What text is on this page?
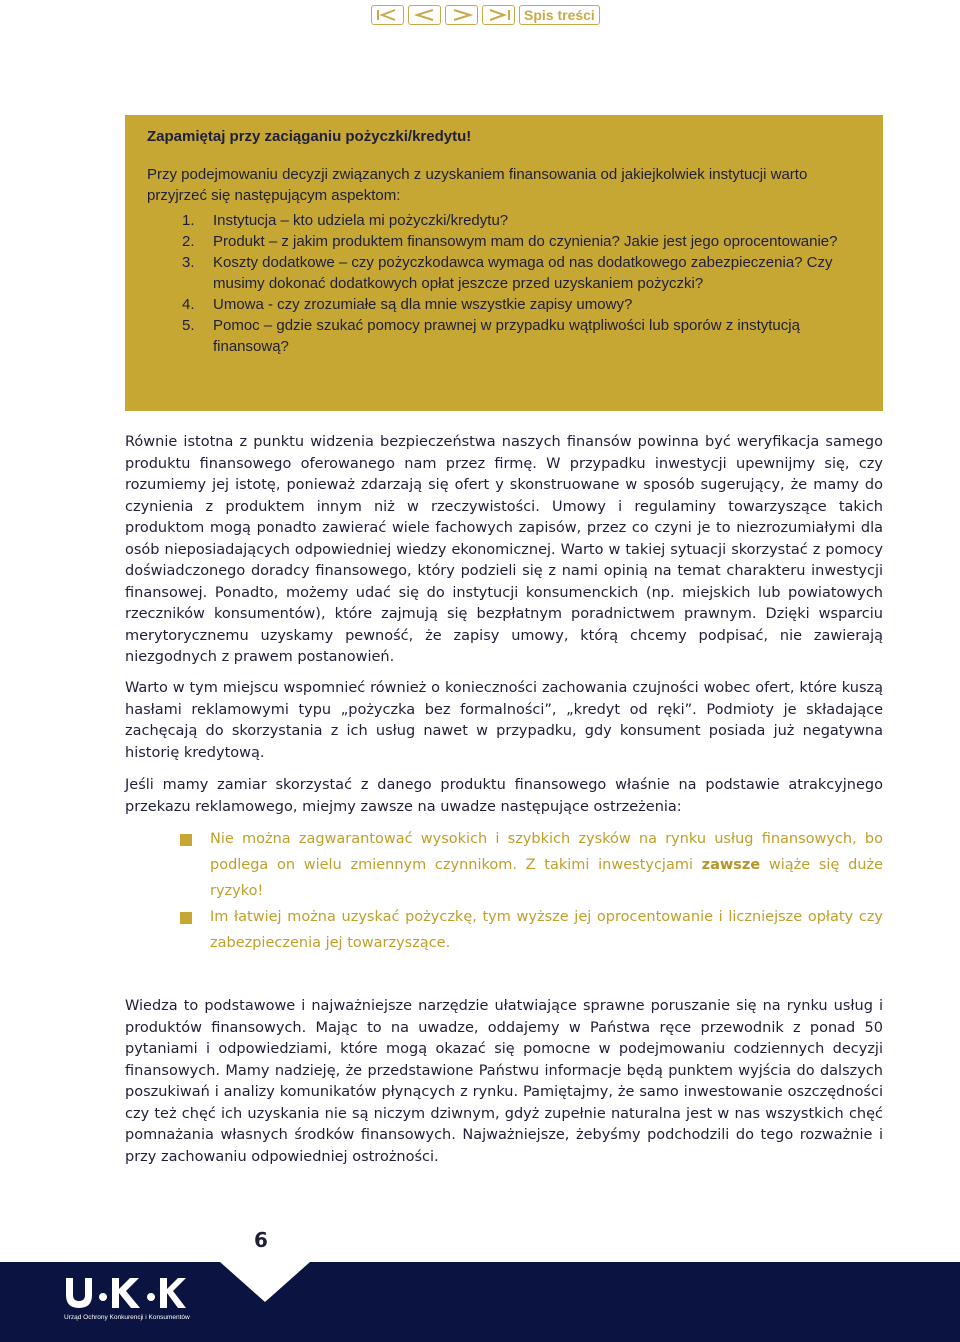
Spis treści
Zapamiętaj przy zaciąganiu pożyczki/kredytu!

Przy podejmowaniu decyzji związanych z uzyskaniem finansowania od jakiejkolwiek instytucji warto przyjrzeć się następującym aspektom:

1. Instytucja – kto udziela mi pożyczki/kredytu?
2. Produkt – z jakim produktem finansowym mam do czynienia? Jakie jest jego oprocentowanie?
3. Koszty dodatkowe – czy pożyczkodawca wymaga od nas dodatkowego zabezpieczenia? Czy musimy dokonać dodatkowych opłat jeszcze przed uzyskaniem pożyczki?
4. Umowa - czy zrozumiałe są dla mnie wszystkie zapisy umowy?
5. Pomoc – gdzie szukać pomocy prawnej w przypadku wątpliwości lub sporów z instytucją finansową?

Równie istotna z punktu widzenia bezpieczeństwa naszych finansów powinna być weryfikacja samego produktu finansowego oferowanego nam przez firmę. W przypadku inwestycji upewnijmy się, czy rozumiemy jej istotę, ponieważ zdarzają się ofert y skonstruowane w sposób sugerujący, że mamy do czynienia z produktem innym niż w rzeczywistości. Umowy i regulaminy towarzyszące takich produktom mogą ponadto zawierać wiele fachowych zapisów, przez co czyni je to niezrozumiałymi dla osób nieposiadających odpowiedniej wiedzy ekonomicznej. Warto w takiej sytuacji skorzystać z pomocy doświadczonego doradcy finansowego, który podzieli się z nami opinią na temat charakteru inwestycji finansowej. Ponadto, możemy udać się do instytucji konsumenckich (np. miejskich lub powiatowych rzeczników konsumentów), które zajmują się bezpłatnym poradnictwem prawnym. Dzięki wsparciu merytorycznemu uzyskamy pewność, że zapisy umowy, którą chcemy podpisać, nie zawierają niezgodnych z prawem postanowień.

Warto w tym miejscu wspomnieć również o konieczności zachowania czujności wobec ofert, które kuszą hasłami reklamowymi typu „pożyczka bez formalności”, „kredyt od ręki”. Podmioty je składające zachęcają do skorzystania z ich usług nawet w przypadku, gdy konsument posiada już negatywna historię kredytową.

Jeśli mamy zamiar skorzystać z danego produktu finansowego właśnie na podstawie atrakcyjnego przekazu reklamowego, miejmy zawsze na uwadze następujące ostrzeżenia:

Nie można zagwarantować wysokich i szybkich zysków na rynku usług finansowych, bo podlega on wielu zmiennym czynnikom. Z takimi inwestycjami zawsze wiąże się duże ryzyko!
Im łatwiej można uzyskać pożyczkę, tym wyższe jej oprocentowanie i liczniejsze opłaty czy zabezpieczenia jej towarzyszące.

Wiedza to podstawowe i najważniejsze narzędzie ułatwiające sprawne poruszanie się na rynku usług i produktów finansowych. Mając to na uwadze, oddajemy w Państwa ręce przewodnik z ponad 50 pytaniami i odpowiedziami, które mogą okazać się pomocne w podejmowaniu codziennych decyzji finansowych. Mamy nadzieję, że przedstawione Państwu informacje będą punktem wyjścia do dalszych poszukiwań i analizy komunikatów płynących z rynku. Pamiętajmy, że samo inwestowanie oszczędności czy też chęć ich uzyskania nie są niczym dziwnym, gdyż zupełnie naturalna jest w nas wszystkich chęć pomnażania własnych środków finansowych. Najważniejsze, żebyśmy podchodzili do tego rozważnie i przy zachowaniu odpowiedniej ostrożności.

6
Urząd Ochrony Konkurencji i Konsumentów
